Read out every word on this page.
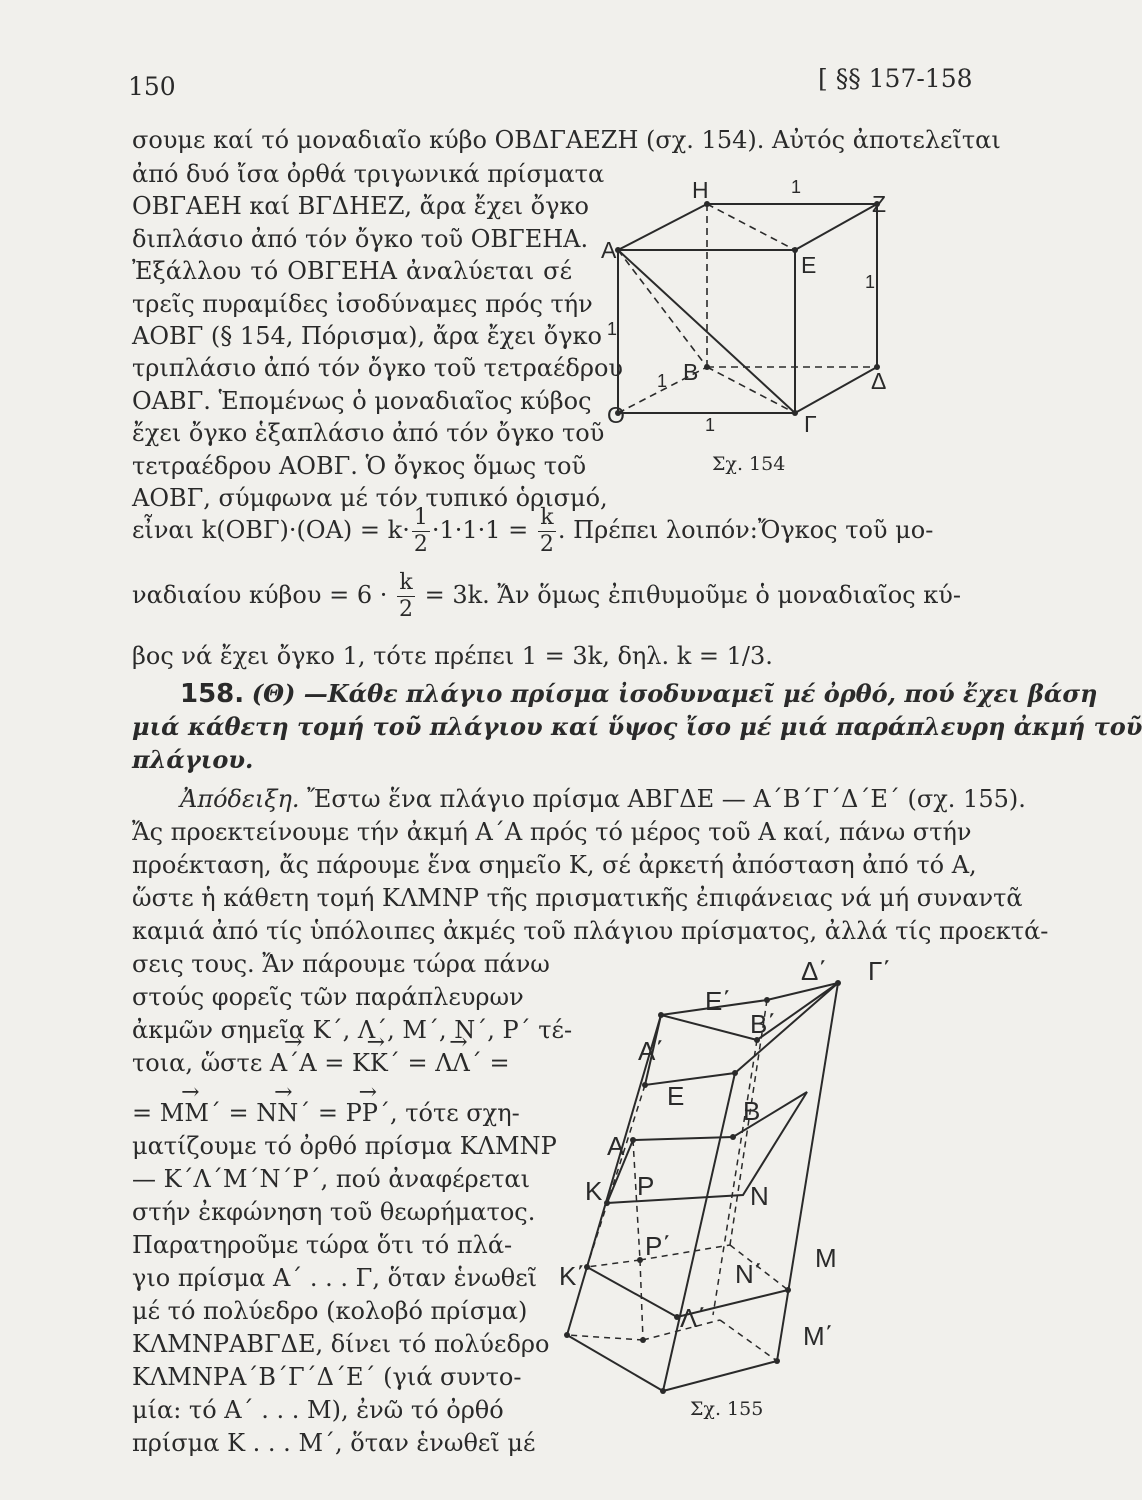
150	[ §§ 157-158
σουμε καί τό μοναδιαῖο κύβο ΟΒΔΓΑΕΖΗ (σχ. 154). Αὐτός ἀποτελεῖται
ἀπό δυό ἴσα ὀρθά τριγωνικά πρίσματα
ΟΒΓΑΕΗ καί ΒΓΔΗΕΖ, ἄρα ἔχει ὄγκο
διπλάσιο ἀπό τόν ὄγκο τοῦ ΟΒΓΕΗΑ.
Ἐξάλλου τό ΟΒΓΕΗΑ ἀναλύεται σέ
τρεῖς πυραμίδες ἰσοδύναμες πρός τήν
ΑΟΒΓ (§ 154, Πόρισμα), ἄρα ἔχει ὄγκο
τριπλάσιο ἀπό τόν ὄγκο τοῦ τετραέδρου
ΟΑΒΓ. Ἑπομένως ὁ μοναδιαῖος κύβος
ἔχει ὄγκο ἑξαπλάσιο ἀπό τόν ὄγκο τοῦ
τετραέδρου ΑΟΒΓ. Ὁ ὄγκος ὅμως τοῦ
ΑΟΒΓ, σύμφωνα μέ τόν τυπικό ὁρισμό,
Η
Ζ
Α
Ε
Β	Δ
Ο	Γ
1
1
1
1
1
Σχ. 154
εἶναι $k(OB\Gamma)\cdot(OA) = k\cdot \frac{1}{2} \cdot 1\cdot 1\cdot 1 = \frac{k}{2}$ . Πρέπει λοιπόν:Ὄγκος τοῦ μο-
ναδιαίου $\kappa ύ\beta o\upsilon = 6 \cdot \frac{k}{2} = 3k$. Ἄν ὅμως ἐπιθυμοῦμε ὁ μοναδιαῖος κύ-
βος νά ἔχει ὄγκο 1, τότε πρέπει 1 = 3k, δηλ. k = 1/3.
158. (Θ) —Κάθε πλάγιο πρίσμα ἰσοδυναμεῖ μέ ὀρθό, πού ἔχει βάση
μιά κάθετη τομή τοῦ πλάγιου καί ὕψος ἴσο μέ μιά παράπλευρη ἀκμή τοῦ
πλάγιου.
Ἀπόδειξη. Ἔστω ἕνα πλάγιο πρίσμα ΑΒΓΔΕ — Α΄Β΄Γ΄Δ΄Ε΄ (σχ. 155).
Ἄς προεκτείνουμε τήν ἀκμή Α΄Α πρός τό μέρος τοῦ Α καί, πάνω στήν
προέκταση, ἄς πάρουμε ἕνα σημεῖο Κ, σέ ἀρκετή ἀπόσταση ἀπό τό Α,
ὥστε ἡ κάθετη τομή ΚΛΜΝΡ τῆς πρισματικῆς ἐπιφάνειας νά μή συναντᾶ
καμιά ἀπό τίς ὑπόλοιπες ἀκμές τοῦ πλάγιου πρίσματος, ἀλλά τίς προεκτά-
σεις τους. Ἄν πάρουμε τώρα πάνω
στούς φορεῖς τῶν παράπλευρων
ἀκμῶν σημεῖα Κ΄, Λ΄, Μ΄, Ν΄, Ρ΄ τέ-
τοια, ὥστε → Α΄Α = → ΚΚ΄ = → ΛΛ΄ =
= → ΜΜ΄ = → ΝΝ΄ = → ΡΡ΄, τότε σχη-
ματίζουμε τό ὀρθό πρίσμα ΚΛΜΝΡ
— Κ΄Λ΄Μ΄Ν΄Ρ΄, πού ἀναφέρεται
στήν ἐκφώνηση τοῦ θεωρήματος.
Παρατηροῦμε τώρα ὅτι τό πλά-
γιο πρίσμα Α΄ . . . Γ, ὅταν ἑνωθεῖ
μέ τό πολύεδρο (κολοβό πρίσμα)
ΚΛΜΝΡΑΒΓΔΕ, δίνει τό πολύεδρο
ΚΛΜΝΡΑ΄Β΄Γ΄Δ΄Ε΄ (γιά συντο-
μία: τό Α΄ . . . Μ), ἐνῶ τό ὀρθό
πρίσμα Κ . . . Μ΄, ὅταν ἑνωθεῖ μέ
Δ΄ Γ΄
Ε΄
Β΄
Α΄
Ε Β
Α
Κ Ρ	Ν
Μ
Κ΄
Ρ΄
Ν΄
Λ΄
Μ΄
Σχ. 155
